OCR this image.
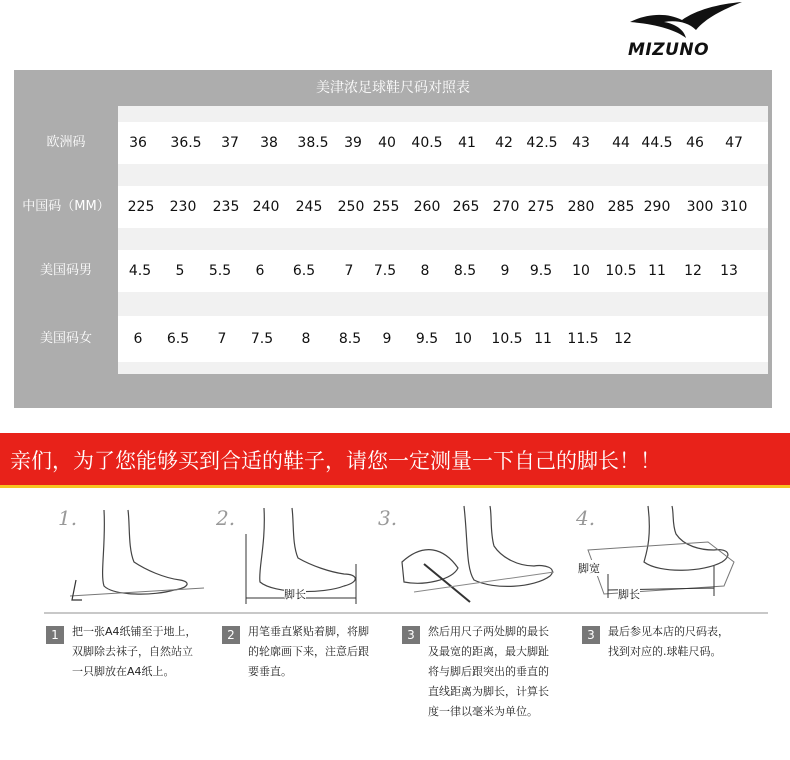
MIZUNO
美津浓足球鞋尺码对照表
欧洲码	36 36.5 37 38 38.5 39 40 40.5 41 42 42.5 43 44 44.5 46 47
中国码（MM）	225 230 235 240 245 250 255 260 265 270 275 280 285 290 300 310
美国码男	4.5 5 5.5 6 6.5 7 7.5 8 8.5 9 9.5 10 10.5 11 12 13
美国码女	6 6.5 7 7.5 8 8.5 9 9.5 10 10.5 11 11.5 12
亲们，为了您能够买到合适的鞋子，请您一定测量一下自己的脚长！！
1.	2.
脚长
3.	4.
脚宽
脚长
1	把一张A4纸铺至于地上，
双脚除去袜子，自然站立
一只脚放在A4纸上。
2	用笔垂直紧贴着脚，将脚
的轮廓画下来，注意后跟
要垂直。
3	然后用尺子两处脚的最长
及最宽的距离，最大脚趾
将与脚后跟突出的垂直的
直线距离为脚长，计算长
度一律以毫米为单位。
3	最后参见本店的尺码表，
找到对应的.球鞋尺码。
